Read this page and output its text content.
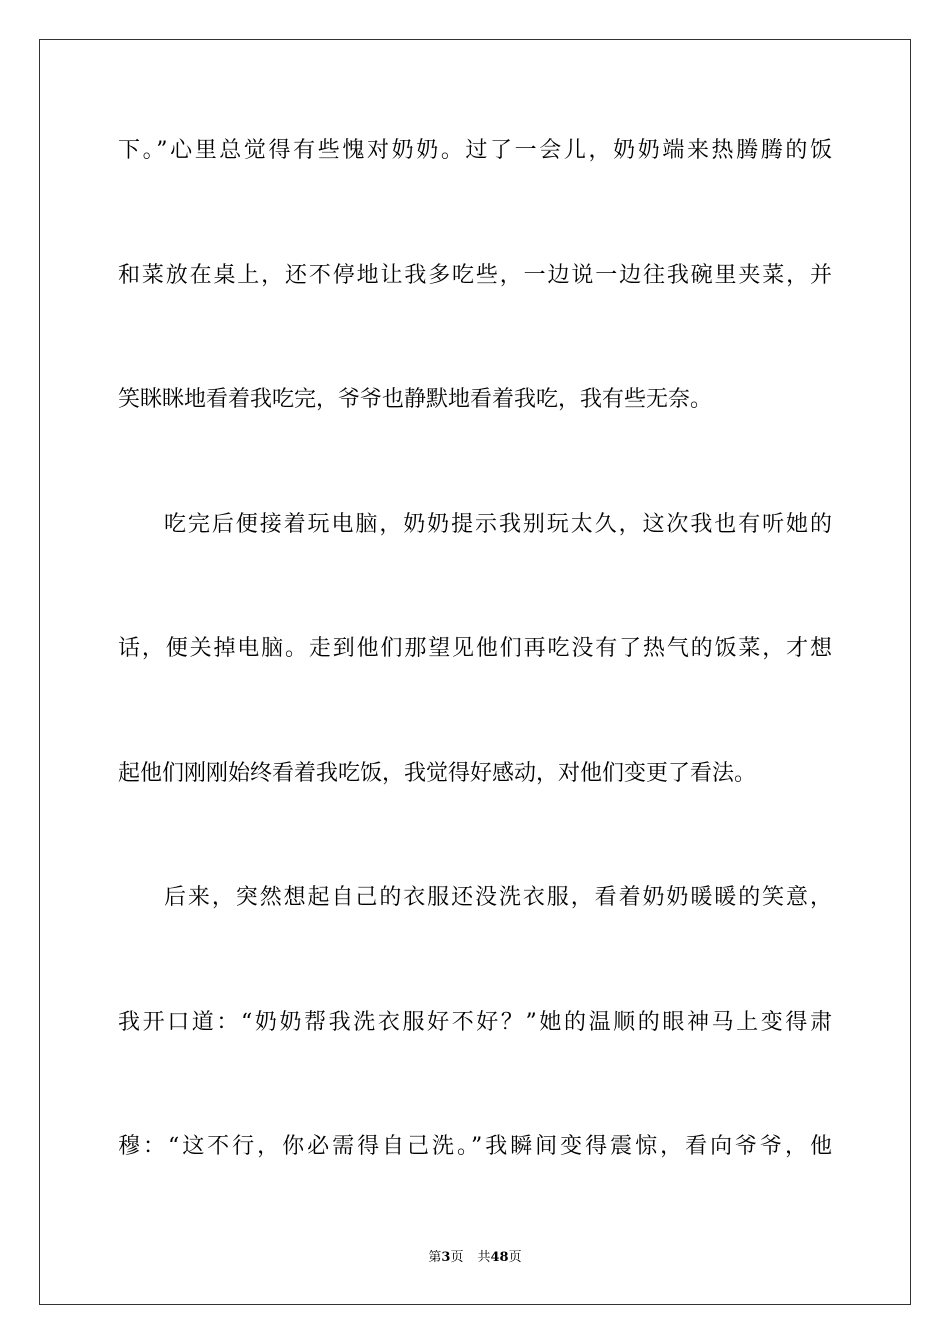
下。”心里总觉得有些愧对奶奶。过了一会儿，奶奶端来热腾腾的饭
和菜放在桌上，还不停地让我多吃些，一边说一边往我碗里夹菜，并
笑眯眯地看着我吃完，爷爷也静默地看着我吃，我有些无奈。
吃完后便接着玩电脑，奶奶提示我别玩太久，这次我也有听她的
话，便关掉电脑。走到他们那望见他们再吃没有了热气的饭菜，才想
起他们刚刚始终看着我吃饭，我觉得好感动，对他们变更了看法。
后来，突然想起自己的衣服还没洗衣服，看着奶奶暖暖的笑意，
我开口道：“奶奶帮我洗衣服好不好？”她的温顺的眼神马上变得肃
穆：“这不行，你必需得自己洗。”我瞬间变得震惊，看向爷爷，他
第3页 共48页
